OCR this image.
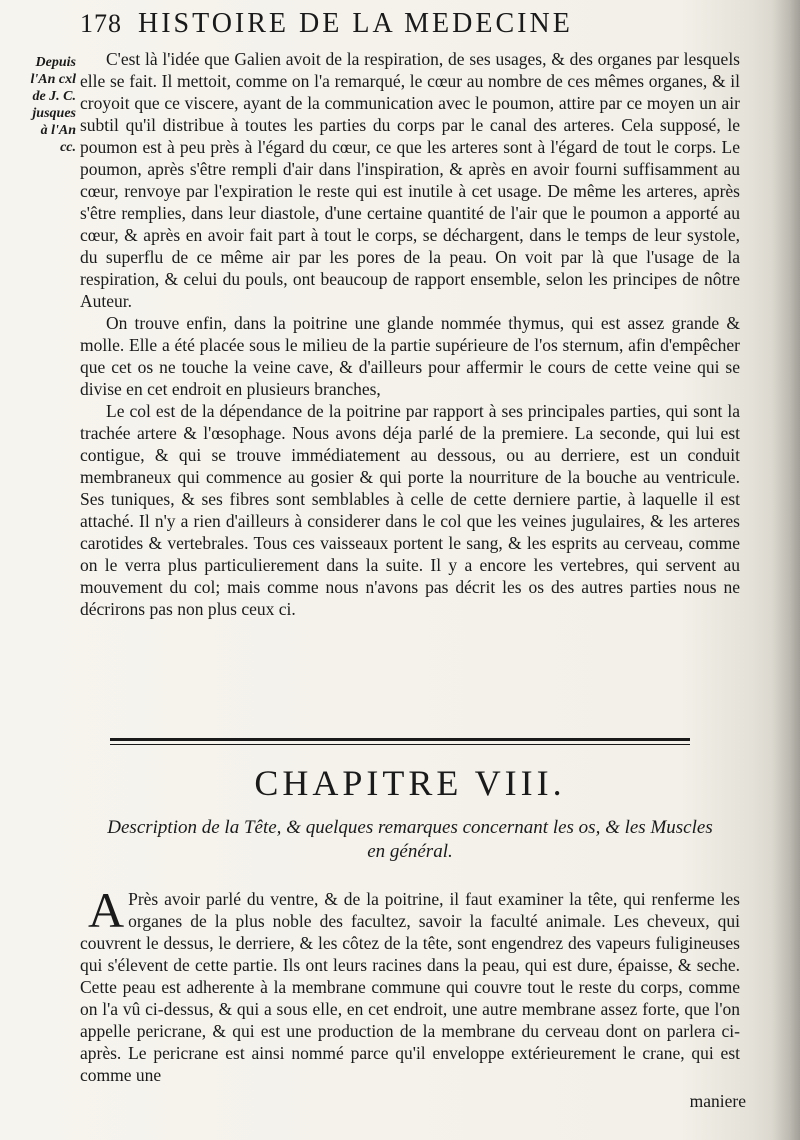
178 HISTOIRE DE LA MEDECINE
Depuis
l'An cxl
de J. C.
jusques
à l'An
cc.

C'est là l'idée que Galien avoit de la respiration, de ses usages, & des organes par lesquels elle se fait. Il mettoit, comme on l'a remarqué, le cœur au nombre de ces mêmes organes, & il croyoit que ce viscere, ayant de la communication avec le poumon, attire par ce moyen un air subtil qu'il distribue à toutes les parties du corps par le canal des arteres. Cela supposé, le poumon est à peu près à l'égard du cœur, ce que les arteres sont à l'égard de tout le corps. Le poumon, après s'être rempli d'air dans l'inspiration, & après en avoir fourni suffisamment au cœur, renvoye par l'expiration le reste qui est inutile à cet usage. De même les arteres, après s'être remplies, dans leur diastole, d'une certaine quantité de l'air que le poumon a apporté au cœur, & après en avoir fait part à tout le corps, se déchargent, dans le temps de leur systole, du superflu de ce même air par les pores de la peau. On voit par là que l'usage de la respiration, & celui du pouls, ont beaucoup de rapport ensemble, selon les principes de nôtre Auteur.

On trouve enfin, dans la poitrine une glande nommée thymus, qui est assez grande & molle. Elle a été placée sous le milieu de la partie supérieure de l'os sternum, afin d'empêcher que cet os ne touche la veine cave, & d'ailleurs pour affermir le cours de cette veine qui se divise en cet endroit en plusieurs branches,

Le col est de la dépendance de la poitrine par rapport à ses principales parties, qui sont la trachée artere & l'œsophage. Nous avons déja parlé de la premiere. La seconde, qui lui est contigue, & qui se trouve immédiatement au dessous, ou au derriere, est un conduit membraneux qui commence au gosier & qui porte la nourriture de la bouche au ventricule. Ses tuniques, & ses fibres sont semblables à celle de cette derniere partie, à laquelle il est attaché. Il n'y a rien d'ailleurs à considerer dans le col que les veines jugulaires, & les arteres carotides & vertebrales. Tous ces vaisseaux portent le sang, & les esprits au cerveau, comme on le verra plus particulierement dans la suite. Il y a encore les vertebres, qui servent au mouvement du col; mais comme nous n'avons pas décrit les os des autres parties nous ne décrirons pas non plus ceux ci.

CHAPITRE VIII.
Description de la Tête, & quelques remarques concernant les os, & les Muscles en général.
A Près avoir parlé du ventre, & de la poitrine, il faut examiner la tête, qui renferme les organes de la plus noble des facultez, savoir la faculté animale. Les cheveux, qui couvrent le dessus, le derriere, & les côtez de la tête, sont engendrez des vapeurs fuligineuses qui s'élevent de cette partie. Ils ont leurs racines dans la peau, qui est dure, épaisse, & seche. Cette peau est adherente à la membrane commune qui couvre tout le reste du corps, comme on l'a vû ci-dessus, & qui a sous elle, en cet endroit, une autre membrane assez forte, que l'on appelle pericrane, & qui est une production de la membrane du cerveau dont on parlera ci-après. Le pericrane est ainsi nommé parce qu'il enveloppe extérieurement le crane, qui est comme une
maniere
